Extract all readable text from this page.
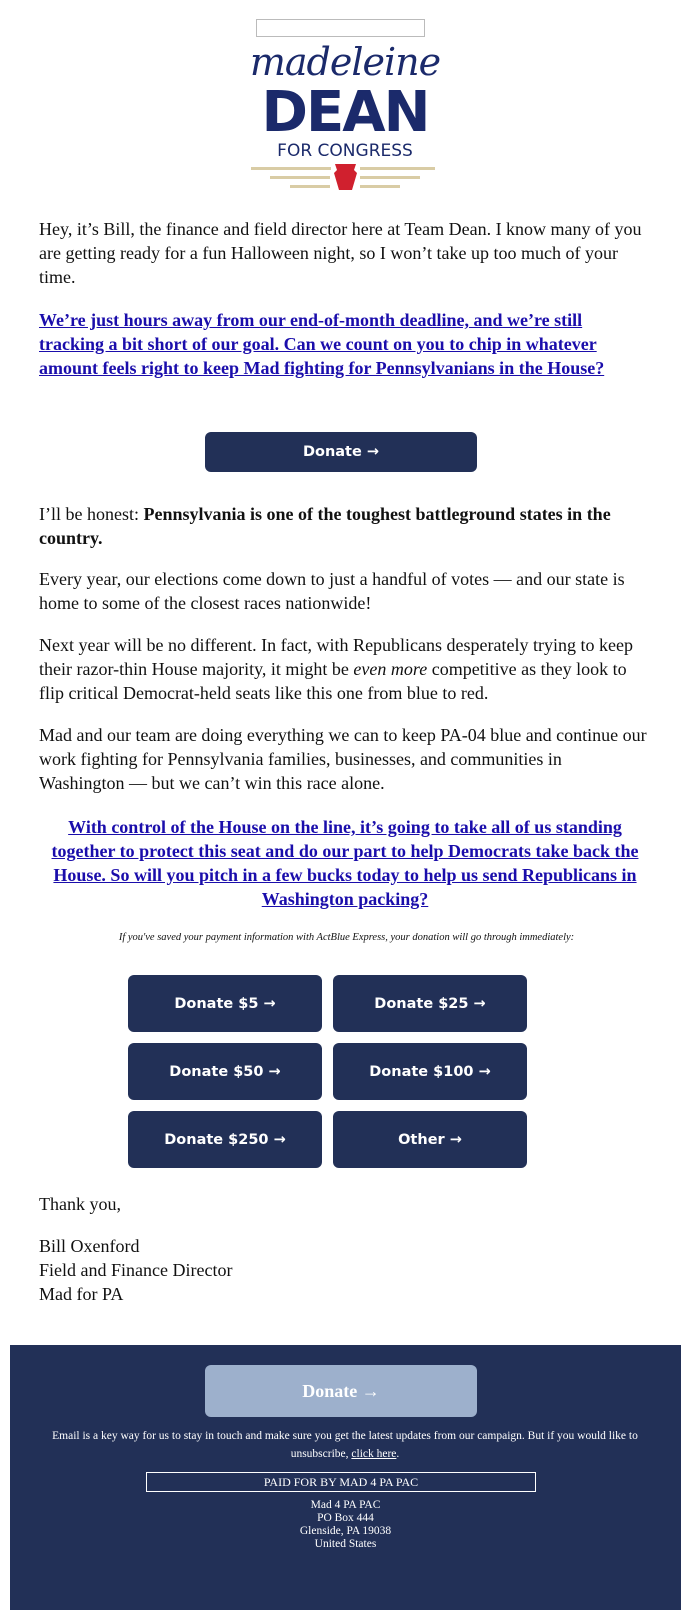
madeleine
DEAN
FOR CONGRESS

Hey, it’s Bill, the finance and field director here at Team Dean. I know many of you are getting ready for a fun Halloween night, so I won’t take up too much of your time.

We’re just hours away from our end-of-month deadline, and we’re still tracking a bit short of our goal. Can we count on you to chip in whatever amount feels right to keep Mad fighting for Pennsylvanians in the House?

Donate →

I’ll be honest: Pennsylvania is one of the toughest battleground states in the country.

Every year, our elections come down to just a handful of votes — and our state is home to some of the closest races nationwide!

Next year will be no different. In fact, with Republicans desperately trying to keep their razor-thin House majority, it might be even more competitive as they look to flip critical Democrat-held seats like this one from blue to red.

Mad and our team are doing everything we can to keep PA-04 blue and continue our work fighting for Pennsylvania families, businesses, and communities in Washington — but we can’t win this race alone.

With control of the House on the line, it’s going to take all of us standing together to protect this seat and do our part to help Democrats take back the House. So will you pitch in a few bucks today to help us send Republicans in Washington packing?

If you've saved your payment information with ActBlue Express, your donation will go through immediately:
Donate $5 →	Donate $25 →
Donate $50 →	Donate $100 →
Donate $250 →	Other →

Thank you,

Bill Oxenford

Field and Finance Director

Mad for PA

Donate →
Email is a key way for us to stay in touch and make sure you get the latest updates from our campaign. But if you would like to unsubscribe, click here.
PAID FOR BY MAD 4 PA PAC
Mad 4 PA PAC
PO Box 444
Glenside, PA 19038
United States
